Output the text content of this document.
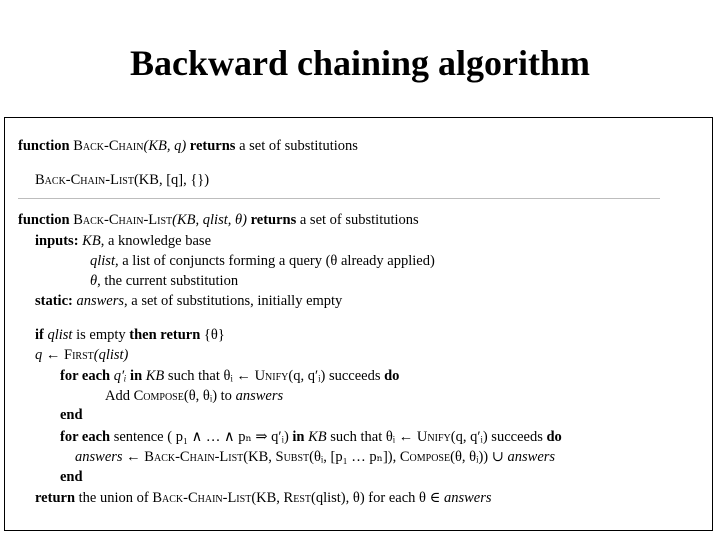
Backward chaining algorithm
function Back-Chain(KB, q) returns a set of substitutions
Back-Chain-List(KB, [q], {})
function Back-Chain-List(KB, qlist, θ) returns a set of substitutions
inputs: KB, a knowledge base
qlist, a list of conjuncts forming a query (θ already applied)
θ, the current substitution
static: answers, a set of substitutions, initially empty
if qlist is empty then return {θ}
q ← First(qlist)
for each q′ᵢ in KB such that θᵢ ← Unify(q, q′ᵢ) succeeds do
Add Compose(θ, θᵢ) to answers
end
for each sentence ( p₁ ∧ … ∧ pₙ ⇒ q′ᵢ) in KB such that θᵢ ← Unify(q, q′ᵢ) succeeds do
answers ← Back-Chain-List(KB, Subst(θᵢ, [p₁ … pₙ]), Compose(θ, θᵢ)) ∪ answers
end
return the union of Back-Chain-List(KB, Rest(qlist), θ) for each θ ∈ answers
